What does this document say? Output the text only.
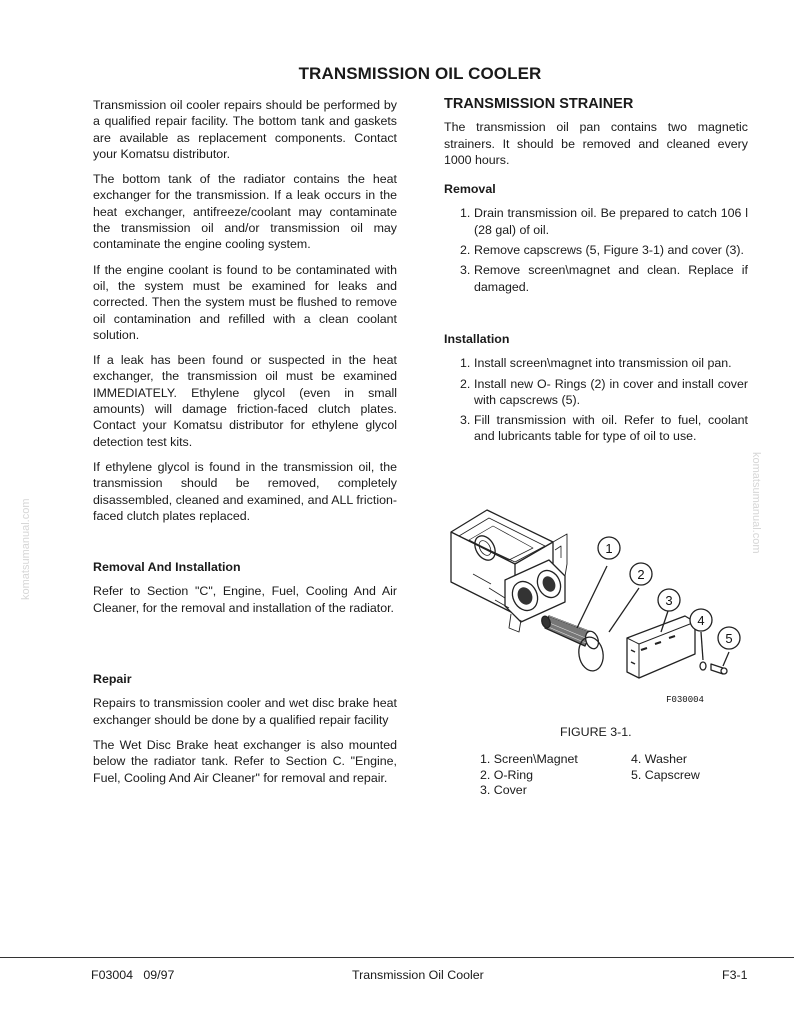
TRANSMISSION OIL COOLER

Transmission oil cooler repairs should be performed by a qualified repair facility. The bottom tank and gaskets are available as replacement components. Contact your Komatsu distributor.

The bottom tank of the radiator contains the heat exchanger for the transmission. If a leak occurs in the heat exchanger, antifreeze/coolant may contaminate the transmission oil and/or transmission oil may contaminate the engine cooling system.

If the engine coolant is found to be contaminated with oil, the system must be examined for leaks and corrected. Then the system must be flushed to remove oil contamination and refilled with a clean coolant solution.

If a leak has been found or suspected in the heat exchanger, the transmission oil must be examined IMMEDIATELY. Ethylene glycol (even in small amounts) will damage friction-faced clutch plates. Contact your Komatsu distributor for ethylene glycol detection test kits.

If ethylene glycol is found in the transmission oil, the transmission should be removed, completely disassembled, cleaned and examined, and ALL friction-faced clutch plates replaced.

Removal And Installation

Refer to Section "C", Engine, Fuel, Cooling And Air Cleaner, for the removal and installation of the radiator.

Repair

Repairs to transmission cooler and wet disc brake heat exchanger should be done by a qualified repair facility

The Wet Disc Brake heat exchanger is also mounted below the radiator tank. Refer to Section C. "Engine, Fuel, Cooling And Air Cleaner" for removal and repair.

TRANSMISSION STRAINER

The transmission oil pan contains two magnetic strainers. It should be removed and cleaned every 1000 hours.

Removal
1. Drain transmission oil. Be prepared to catch 106 l (28 gal) of oil.
2. Remove capscrews (5, Figure 3-1) and cover (3).
3. Remove screen\magnet and clean. Replace if damaged.
Installation
1. Install screen\magnet into transmission oil pan.
2. Install new O- Rings (2) in cover and install cover with capscrews (5).
3. Fill transmission with oil. Refer to fuel, coolant and lubricants table for type of oil to use.
1
2
3
4
5
F030004
FIGURE 3-1.
1. Screen\Magnet
2. O-Ring
3. Cover
4. Washer
5. Capscrew
komatsumanual.com	komatsumanual.com
F03004   09/97	Transmission Oil Cooler	F3-1
